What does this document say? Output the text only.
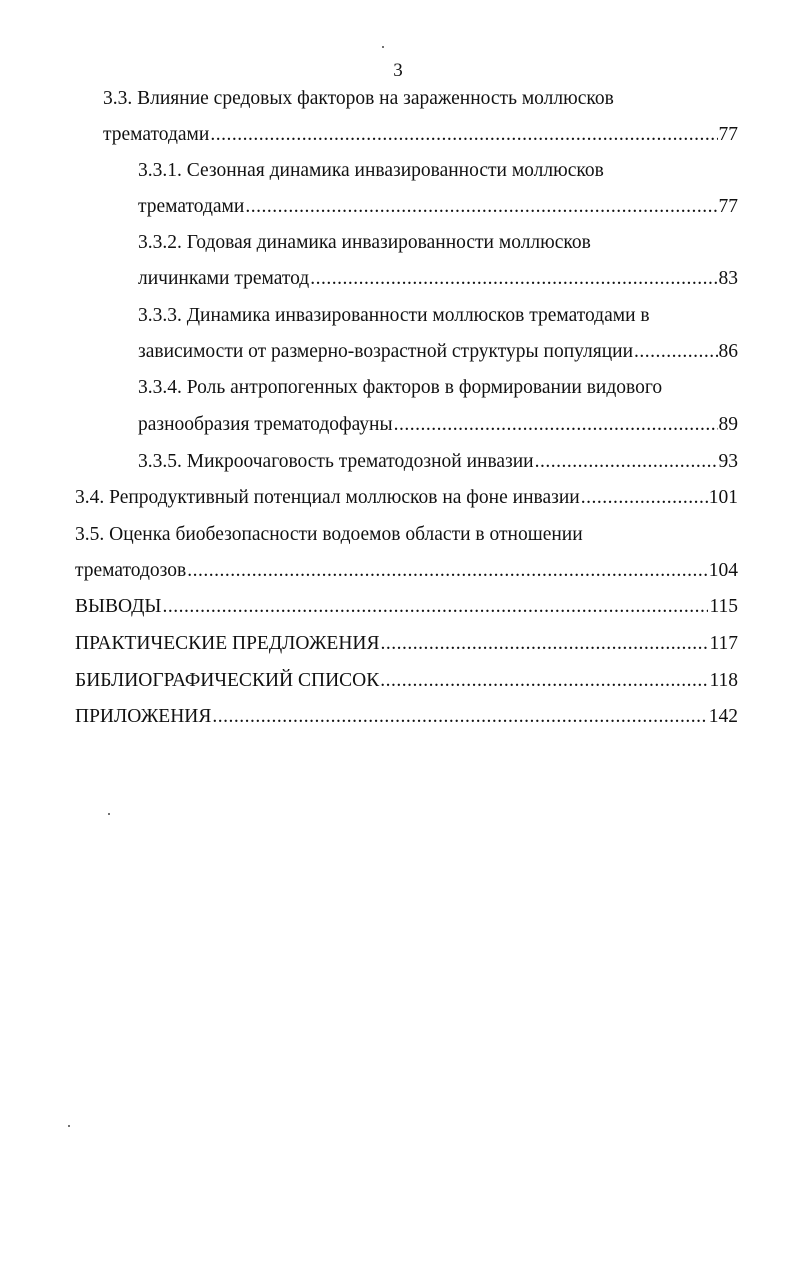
3
3.3. Влияние средовых факторов на зараженность моллюсков
трематодами .....	77
3.3.1. Сезонная динамика инвазированности моллюсков
трематодами .....	77
3.3.2. Годовая динамика инвазированности моллюсков
личинками трематод .....	83
3.3.3. Динамика инвазированности моллюсков трематодами в
зависимости от размерно-возрастной структуры популяции .....	86
3.3.4. Роль антропогенных факторов в формировании видового
разнообразия трематодофауны .....	89
3.3.5. Микроочаговость трематодозной инвазии .....	93
3.4. Репродуктивный потенциал моллюсков на фоне инвазии .....	101
3.5. Оценка биобезопасности водоемов области в отношении
трематодозов .....	104
ВЫВОДЫ .....	115
ПРАКТИЧЕСКИЕ ПРЕДЛОЖЕНИЯ .....	117
БИБЛИОГРАФИЧЕСКИЙ СПИСОК .....	118
ПРИЛОЖЕНИЯ .....	142
